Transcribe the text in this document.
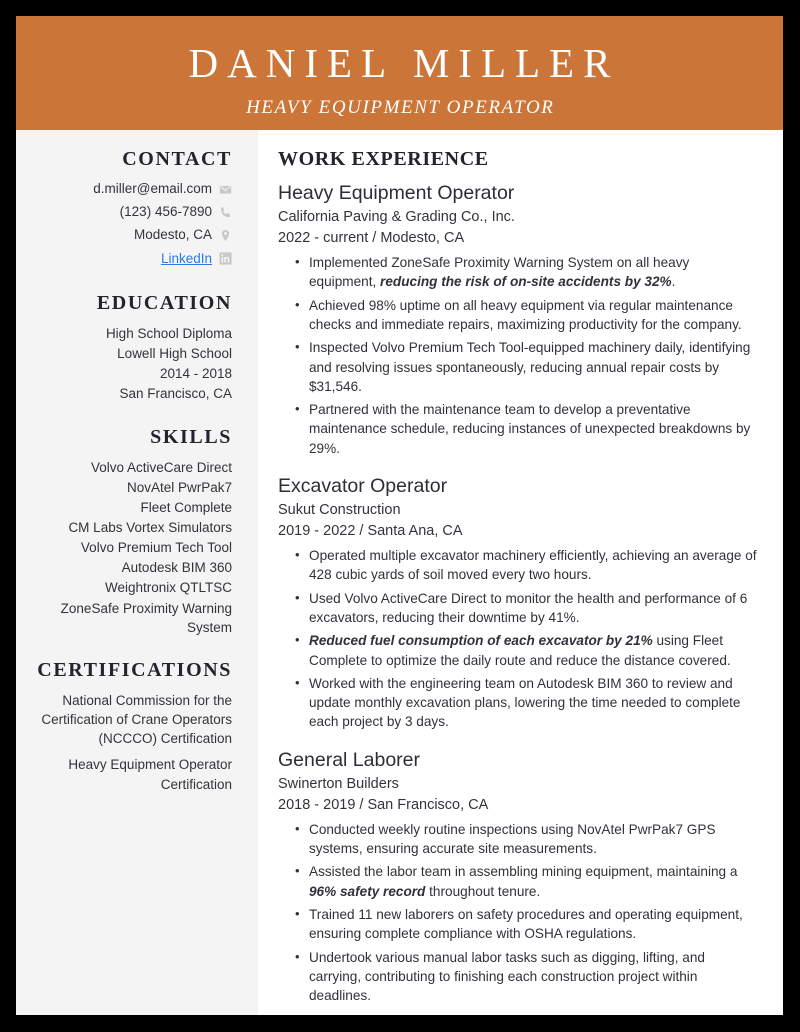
DANIEL MILLER
HEAVY EQUIPMENT OPERATOR
CONTACT
d.miller@email.com
(123) 456-7890
Modesto, CA
LinkedIn
EDUCATION
High School Diploma
Lowell High School
2014 - 2018
San Francisco, CA
SKILLS
Volvo ActiveCare Direct
NovAtel PwrPak7
Fleet Complete
CM Labs Vortex Simulators
Volvo Premium Tech Tool
Autodesk BIM 360
Weightronix QTLTSC
ZoneSafe Proximity Warning System
CERTIFICATIONS
National Commission for the Certification of Crane Operators (NCCCO) Certification
Heavy Equipment Operator Certification
WORK EXPERIENCE
Heavy Equipment Operator
California Paving & Grading Co., Inc.
2022 - current / Modesto, CA
• Implemented ZoneSafe Proximity Warning System on all heavy equipment, reducing the risk of on-site accidents by 32%.
• Achieved 98% uptime on all heavy equipment via regular maintenance checks and immediate repairs, maximizing productivity for the company.
• Inspected Volvo Premium Tech Tool-equipped machinery daily, identifying and resolving issues spontaneously, reducing annual repair costs by $31,546.
• Partnered with the maintenance team to develop a preventative maintenance schedule, reducing instances of unexpected breakdowns by 29%.
Excavator Operator
Sukut Construction
2019 - 2022 / Santa Ana, CA
• Operated multiple excavator machinery efficiently, achieving an average of 428 cubic yards of soil moved every two hours.
• Used Volvo ActiveCare Direct to monitor the health and performance of 6 excavators, reducing their downtime by 41%.
• Reduced fuel consumption of each excavator by 21% using Fleet Complete to optimize the daily route and reduce the distance covered.
• Worked with the engineering team on Autodesk BIM 360 to review and update monthly excavation plans, lowering the time needed to complete each project by 3 days.
General Laborer
Swinerton Builders
2018 - 2019 / San Francisco, CA
• Conducted weekly routine inspections using NovAtel PwrPak7 GPS systems, ensuring accurate site measurements.
• Assisted the labor team in assembling mining equipment, maintaining a 96% safety record throughout tenure.
• Trained 11 new laborers on safety procedures and operating equipment, ensuring complete compliance with OSHA regulations.
• Undertook various manual labor tasks such as digging, lifting, and carrying, contributing to finishing each construction project within deadlines.
